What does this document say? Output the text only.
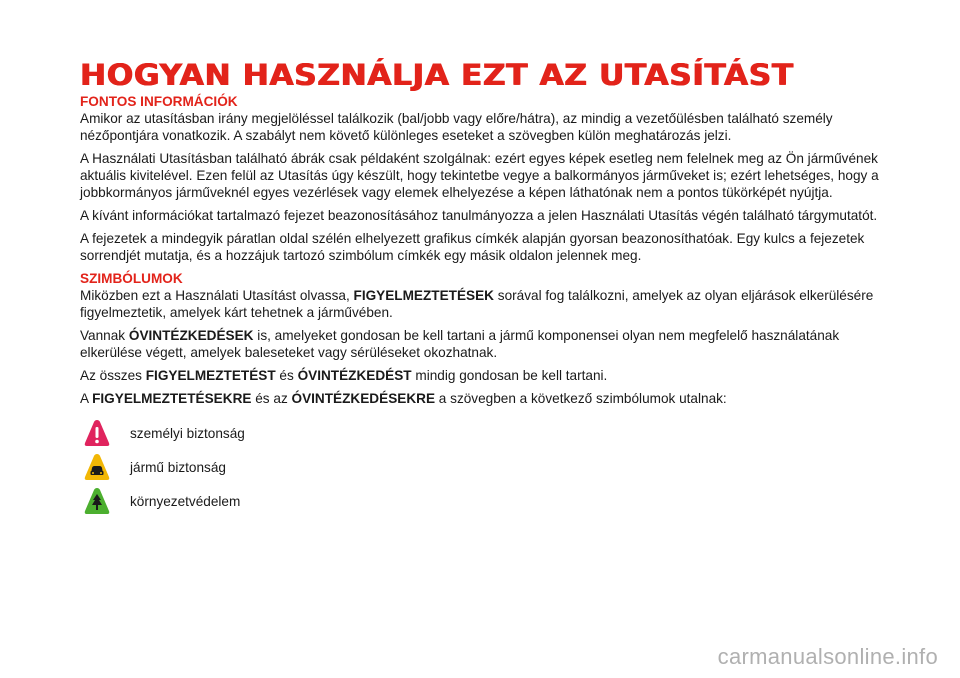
HOGYAN HASZNÁLJA EZT AZ UTASÍTÁST
FONTOS INFORMÁCIÓK

Amikor az utasításban irány megjelöléssel találkozik (bal/jobb vagy előre/hátra), az mindig a vezetőülésben található személy nézőpontjára vonatkozik. A szabályt nem követő különleges eseteket a szövegben külön meghatározás jelzi.

A Használati Utasításban található ábrák csak példaként szolgálnak: ezért egyes képek esetleg nem felelnek meg az Ön járművének aktuális kivitelével. Ezen felül az Utasítás úgy készült, hogy tekintetbe vegye a balkormányos járműveket is; ezért lehetséges, hogy a jobbkormányos járműveknél egyes vezérlések vagy elemek elhelyezése a képen láthatónak nem a pontos tükörképét nyújtja.

A kívánt információkat tartalmazó fejezet beazonosításához tanulmányozza a jelen Használati Utasítás végén található tárgymutatót.

A fejezetek a mindegyik páratlan oldal szélén elhelyezett grafikus címkék alapján gyorsan beazonosíthatóak. Egy kulcs a fejezetek sorrendjét mutatja, és a hozzájuk tartozó szimbólum címkék egy másik oldalon jelennek meg.

SZIMBÓLUMOK

Miközben ezt a Használati Utasítást olvassa, FIGYELMEZTETÉSEK sorával fog találkozni, amelyek az olyan eljárások elkerülésére figyelmeztetik, amelyek kárt tehetnek a járművében.

Vannak ÓVINTÉZKEDÉSEK is, amelyeket gondosan be kell tartani a jármű komponensei olyan nem megfelelő használatának elkerülése végett, amelyek baleseteket vagy sérüléseket okozhatnak.

Az összes FIGYELMEZTETÉST és ÓVINTÉZKEDÉST mindig gondosan be kell tartani.

A FIGYELMEZTETÉSEKRE és az ÓVINTÉZKEDÉSEKRE a szövegben a következő szimbólumok utalnak:

személyi biztonság
jármű biztonság
környezetvédelem
carmanualsonline.info
